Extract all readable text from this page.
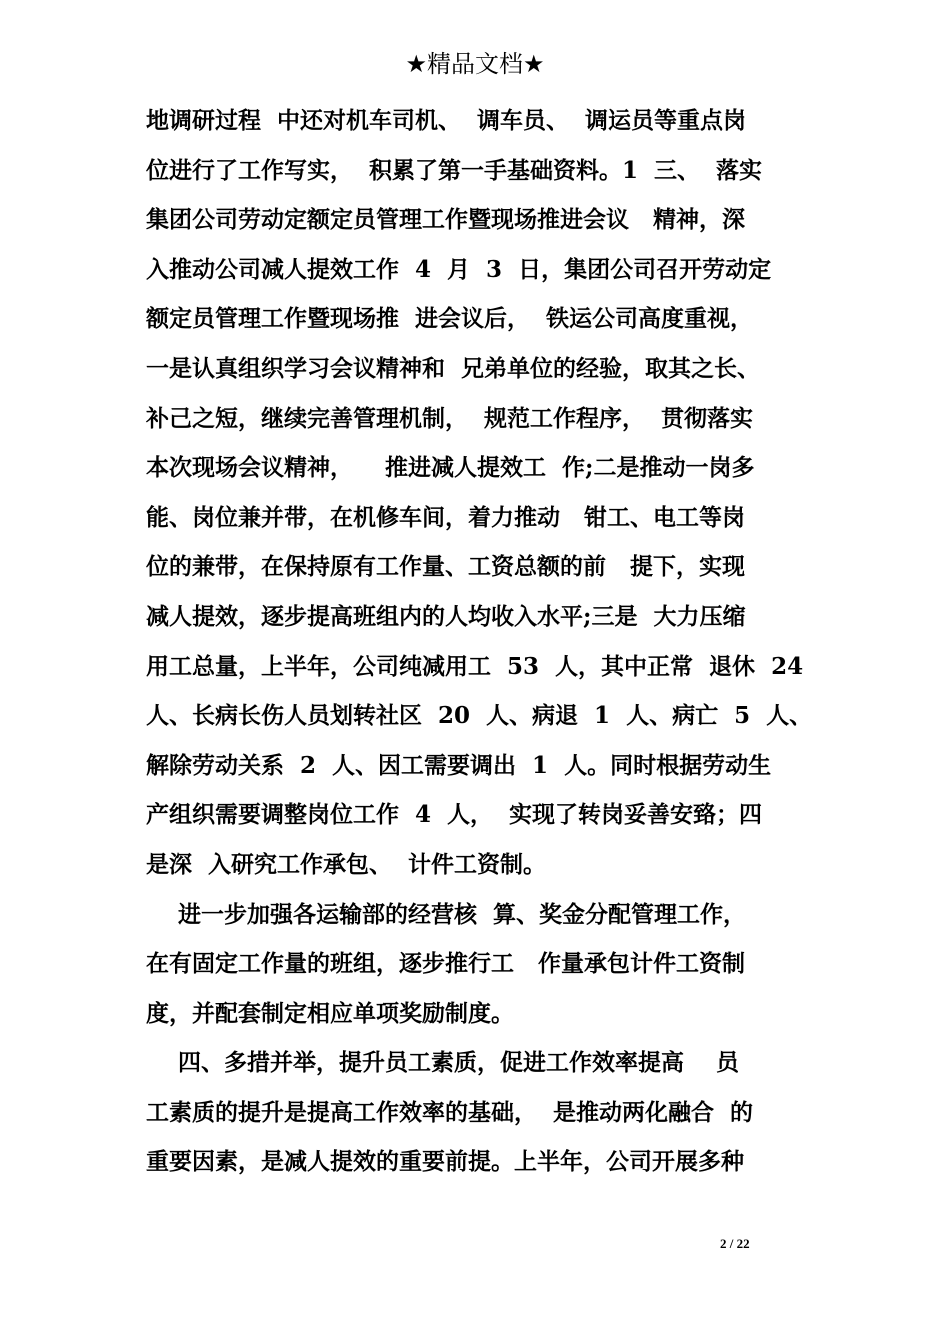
★精品文档★
地调研过程  中还对机车司机、  调车员、  调运员等重点岗
位进行了工作写实，  积累了第一手基础资料。1  三、  落实
集团公司劳动定额定员管理工作暨现场推进会议   精神，深
入推动公司减人提效工作  4  月  3  日，集团公司召开劳动定
额定员管理工作暨现场推  进会议后，  铁运公司高度重视，
一是认真组织学习会议精神和  兄弟单位的经验，取其之长、
补己之短，继续完善管理机制，  规范工作程序，  贯彻落实
本次现场会议精神，    推进减人提效工  作;二是推动一岗多
能、岗位兼并带，在机修车间，着力推动   钳工、电工等岗
位的兼带，在保持原有工作量、工资总额的前   提下，实现
减人提效，逐步提高班组内的人均收入水平;三是  大力压缩
用工总量，上半年，公司纯减用工  53  人，其中正常  退休  24
人、长病长伤人员划转社区  20  人、病退  1  人、病亡  5  人、
解除劳动关系  2  人、因工需要调出  1  人。同时根据劳动生
产组织需要调整岗位工作  4  人，  实现了转岗妥善安臵；四
是深  入研究工作承包、  计件工资制。
进一步加强各运输部的经营核  算、奖金分配管理工作，
在有固定工作量的班组，逐步推行工   作量承包计件工资制
度，并配套制定相应单项奖励制度。
四、多措并举，提升员工素质，促进工作效率提高    员
工素质的提升是提高工作效率的基础，  是推动两化融合  的
重要因素，是减人提效的重要前提。上半年，公司开展多种
2 / 22
